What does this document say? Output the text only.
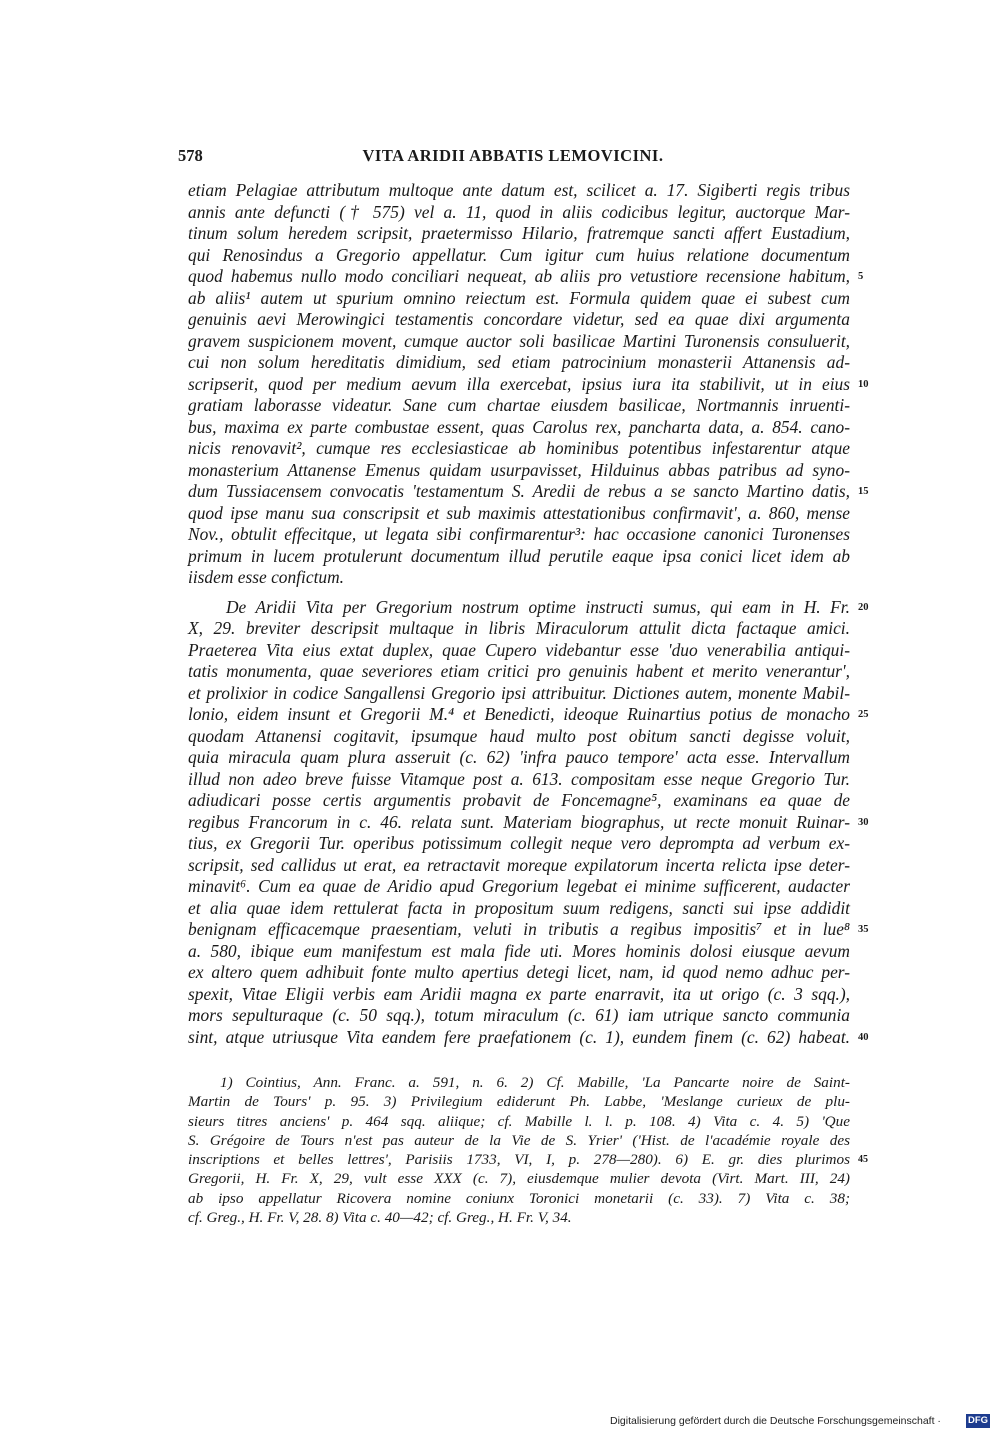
578	VITA ARIDII ABBATIS LEMOVICINI.
etiam Pelagiae attributum multoque ante datum est, scilicet a. 17. Sigiberti regis tribus
annis ante defuncti († 575) vel a. 11, quod in aliis codicibus legitur, auctorque Mar-
tinum solum heredem scripsit, praetermisso Hilario, fratremque sancti affert Eustadium,
qui Renosindus a Gregorio appellatur. Cum igitur cum huius relatione documentum
quod habemus nullo modo conciliari nequeat, ab aliis pro vetustiore recensione habitum, 5
ab aliis¹ autem ut spurium omnino reiectum est. Formula quidem quae ei subest cum
genuinis aevi Merowingici testamentis concordare videtur, sed ea quae dixi argumenta
gravem suspicionem movent, cumque auctor soli basilicae Martini Turonensis consuluerit,
cui non solum hereditatis dimidium, sed etiam patrocinium monasterii Attanensis ad-
scripserit, quod per medium aevum illa exercebat, ipsius iura ita stabilivit, ut in eius 10
gratiam laborasse videatur. Sane cum chartae eiusdem basilicae, Nortmannis inruenti-
bus, maxima ex parte combustae essent, quas Carolus rex, pancharta data, a. 854. cano-
nicis renovavit², cumque res ecclesiasticae ab hominibus potentibus infestarentur atque
monasterium Attanense Emenus quidam usurpavisset, Hilduinus abbas patribus ad syno-
dum Tussiacensem convocatis 'testamentum S. Aredii de rebus a se sancto Martino datis, 15
quod ipse manu sua conscripsit et sub maximis attestationibus confirmavit', a. 860, mense
Nov., obtulit effecitque, ut legata sibi confirmarentur³: hac occasione canonici Turonenses
primum in lucem protulerunt documentum illud perutile eaque ipsa conici licet idem ab
iisdem esse confictum.
De Aridii Vita per Gregorium nostrum optime instructi sumus, qui eam in H. Fr. 20
X, 29. breviter descripsit multaque in libris Miraculorum attulit dicta factaque amici.
Praeterea Vita eius extat duplex, quae Cupero videbantur esse 'duo venerabilia antiqui-
tatis monumenta, quae severiores etiam critici pro genuinis habent et merito venerantur',
et prolixior in codice Sangallensi Gregorio ipsi attribuitur. Dictiones autem, monente Mabil-
lonio, eidem insunt et Gregorii M.⁴ et Benedicti, ideoque Ruinartius potius de monacho 25
quodam Attanensi cogitavit, ipsumque haud multo post obitum sancti degisse voluit,
quia miracula quam plura asseruit (c. 62) 'infra pauco tempore' acta esse. Intervallum
illud non adeo breve fuisse Vitamque post a. 613. compositam esse neque Gregorio Tur.
adiudicari posse certis argumentis probavit de Foncemagne⁵, examinans ea quae de
regibus Francorum in c. 46. relata sunt. Materiam biographus, ut recte monuit Ruinar- 30
tius, ex Gregorii Tur. operibus potissimum collegit neque vero deprompta ad verbum ex-
scripsit, sed callidus ut erat, ea retractavit moreque expilatorum incerta relicta ipse deter-
minavit⁶. Cum ea quae de Aridio apud Gregorium legebat ei minime sufficerent, audacter
et alia quae idem rettulerat facta in propositum suum redigens, sancti sui ipse addidit
benignam efficacemque praesentiam, veluti in tributis a regibus impositis⁷ et in lue⁸ 35
a. 580, ibique eum manifestum est mala fide uti. Mores hominis dolosi eiusque aevum
ex altero quem adhibuit fonte multo apertius detegi licet, nam, id quod nemo adhuc per-
spexit, Vitae Eligii verbis eam Aridii magna ex parte enarravit, ita ut origo (c. 3 sqq.),
mors sepulturaque (c. 50 sqq.), totum miraculum (c. 61) iam utrique sancto communia
sint, atque utriusque Vita eandem fere praefationem (c. 1), eundem finem (c. 62) habeat. 40
1) Cointius, Ann. Franc. a. 591, n. 6. 2) Cf. Mabille, 'La Pancarte noire de Saint-
Martin de Tours' p. 95. 3) Privilegium ediderunt Ph. Labbe, 'Meslange curieux de plu-
sieurs titres anciens' p. 464 sqq. aliique; cf. Mabille l. l. p. 108. 4) Vita c. 4. 5) 'Que
S. Grégoire de Tours n'est pas auteur de la Vie de S. Yrier' ('Hist. de l'académie royale des
inscriptions et belles lettres', Parisiis 1733, VI, I, p. 278—280). 6) E. gr. dies plurimos 45
Gregorii, H. Fr. X, 29, vult esse XXX (c. 7), eiusdemque mulier devota (Virt. Mart. III, 24)
ab ipso appellatur Ricovera nomine coniunx Toronici monetarii (c. 33). 7) Vita c. 38;
cf. Greg., H. Fr. V, 28. 8) Vita c. 40—42; cf. Greg., H. Fr. V, 34.
Digitalisierung gefördert durch die Deutsche Forschungsgemeinschaft ·	DFG
